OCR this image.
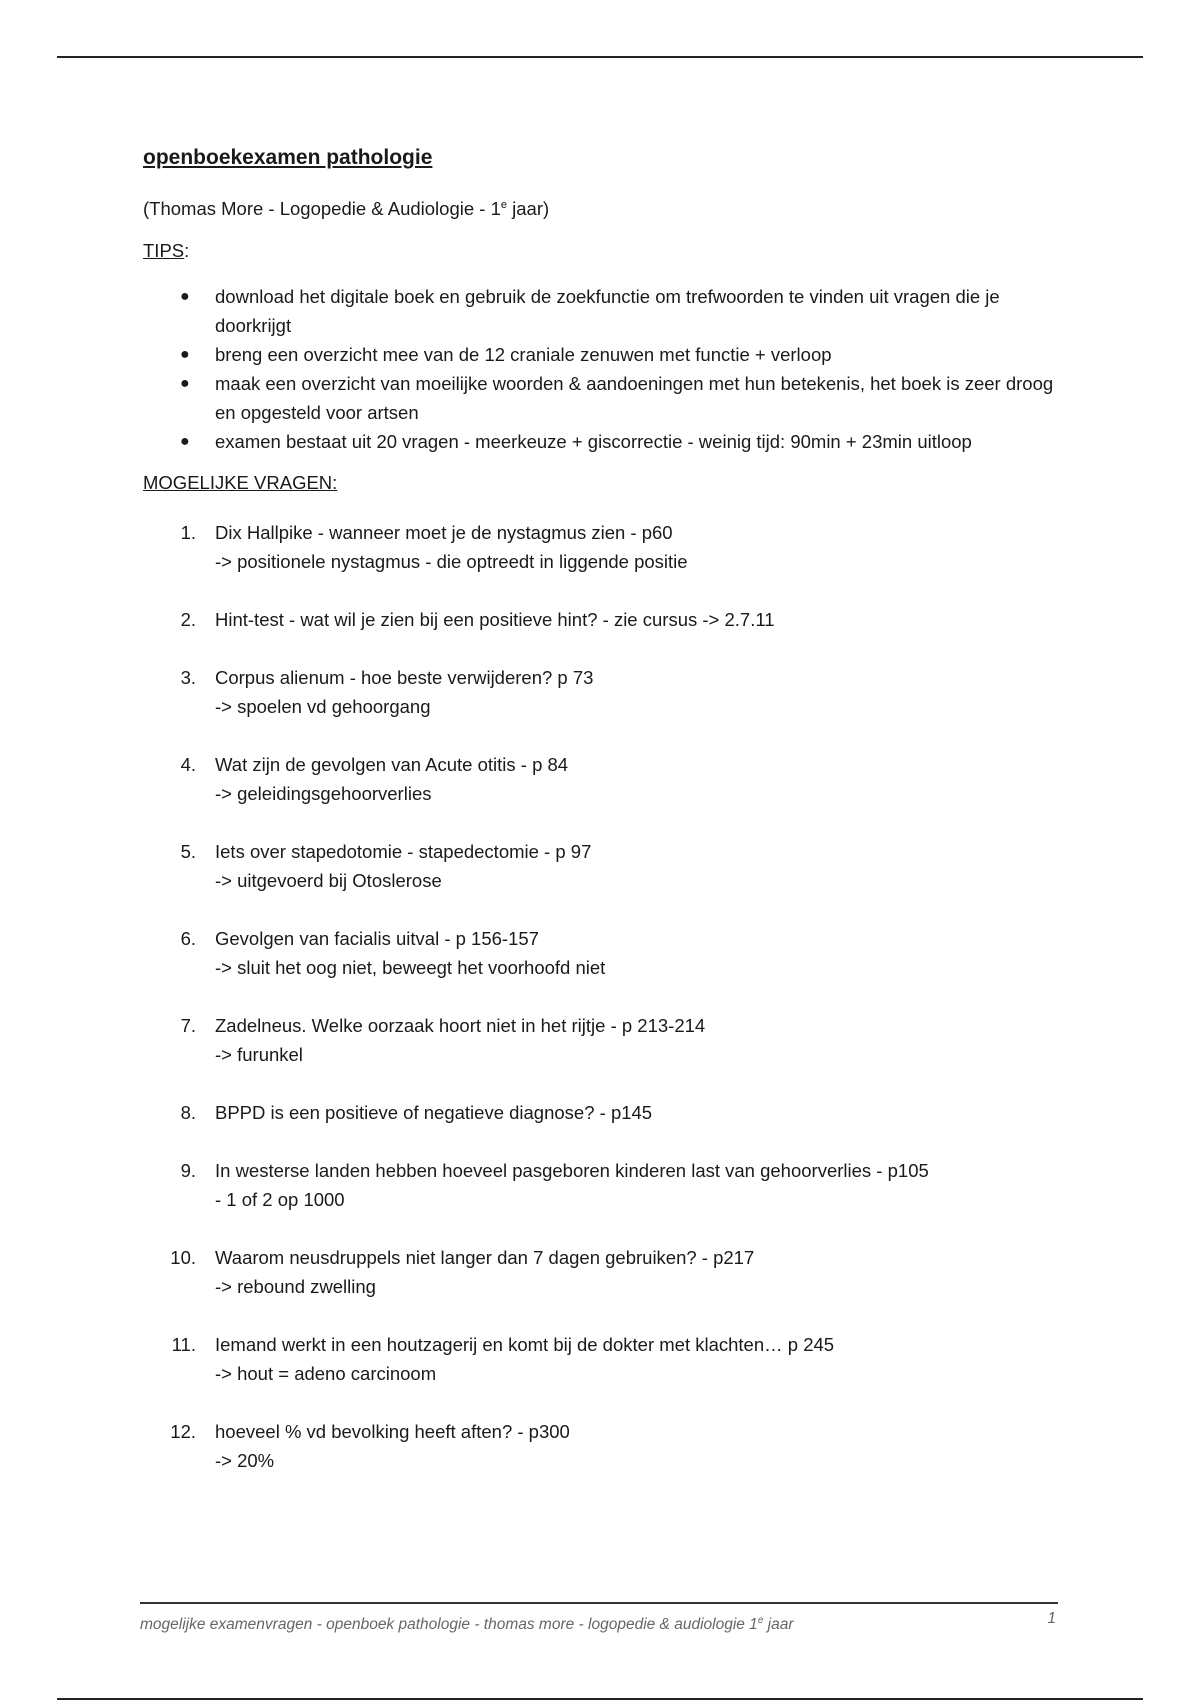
openboekexamen pathologie
(Thomas More - Logopedie & Audiologie - 1e jaar)
TIPS:
● download het digitale boek en gebruik de zoekfunctie om trefwoorden te vinden uit vragen die je doorkrijgt
● breng een overzicht mee van de 12 craniale zenuwen met functie + verloop
● maak een overzicht van moeilijke woorden & aandoeningen met hun betekenis, het boek is zeer droog en opgesteld voor artsen
● examen bestaat uit 20 vragen - meerkeuze + giscorrectie - weinig tijd: 90min + 23min uitloop
MOGELIJKE VRAGEN:
1. Dix Hallpike - wanneer moet je de nystagmus zien - p60
-> positionele nystagmus - die optreedt in liggende positie
2. Hint-test - wat wil je zien bij een positieve hint? - zie cursus -> 2.7.11
3. Corpus alienum - hoe beste verwijderen? p 73
-> spoelen vd gehoorgang
4. Wat zijn de gevolgen van Acute otitis - p 84
-> geleidingsgehoorverlies
5. Iets over stapedotomie - stapedectomie - p 97
-> uitgevoerd bij Otoslerose
6. Gevolgen van facialis uitval - p 156-157
-> sluit het oog niet, beweegt het voorhoofd niet
7. Zadelneus. Welke oorzaak hoort niet in het rijtje - p 213-214
-> furunkel
8. BPPD is een positieve of negatieve diagnose? - p145
9. In westerse landen hebben hoeveel pasgeboren kinderen last van gehoorverlies - p105
- 1 of 2 op 1000
10. Waarom neusdruppels niet langer dan 7 dagen gebruiken? - p217
-> rebound zwelling
11. Iemand werkt in een houtzagerij en komt bij de dokter met klachten… p 245
-> hout = adeno carcinoom
12. hoeveel % vd bevolking heeft aften? - p300
-> 20%
mogelijke examenvragen - openboek pathologie - thomas more - logopedie & audiologie 1e jaar	1
